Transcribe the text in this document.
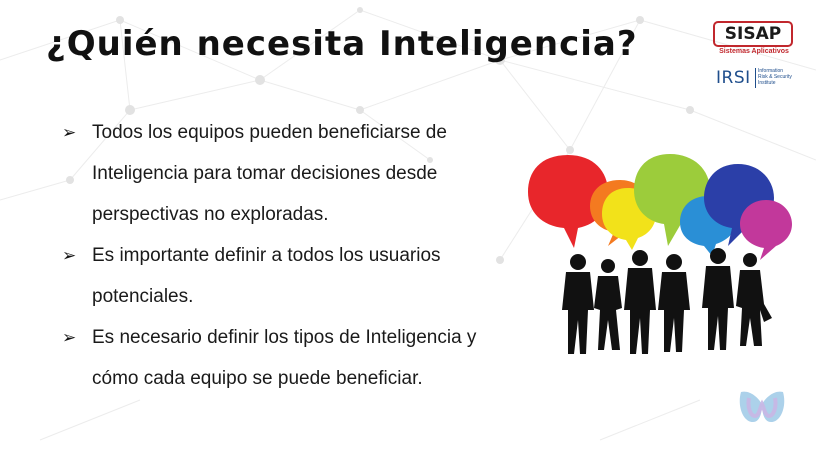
¿Quién necesita Inteligencia?	SISAP
Sistemas Aplicativos
IRSI Information
Risk & Security
Institute
➢ Todos los equipos pueden beneficiarse de
Inteligencia para tomar decisiones desde
perspectivas no exploradas.
➢ Es importante definir a todos los usuarios
potenciales.
➢ Es necesario definir los tipos de Inteligencia y
cómo cada equipo se puede beneficiar.
